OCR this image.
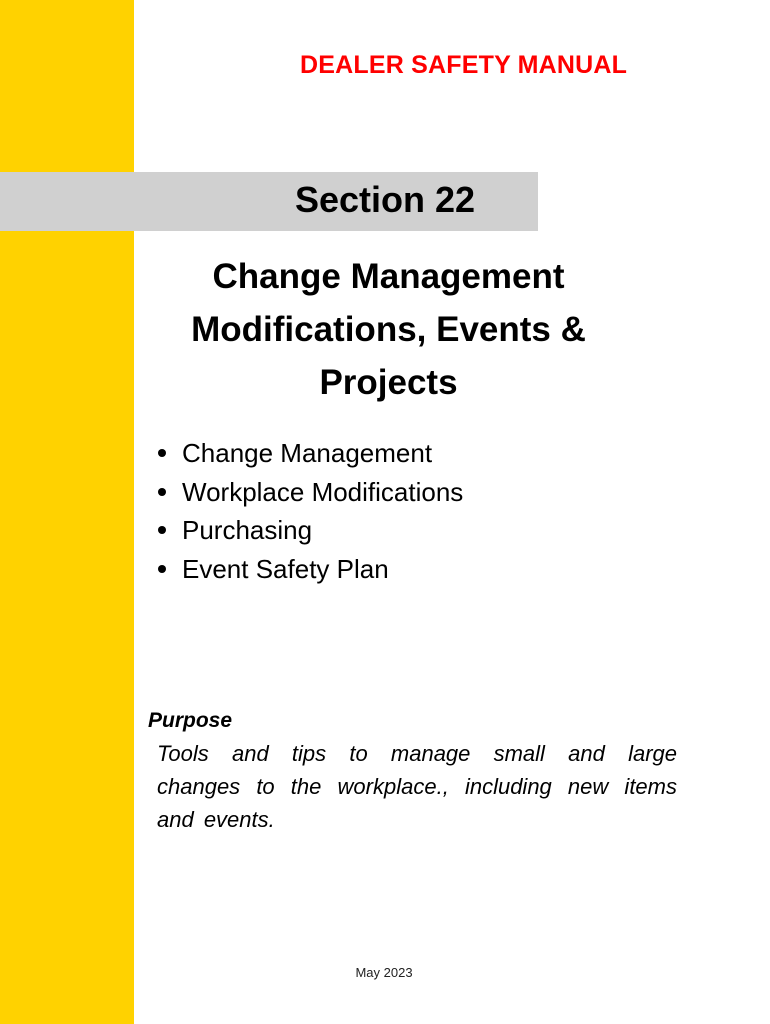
DEALER SAFETY MANUAL
Section 22
Change Management
Modifications, Events &
Projects
Change Management
Workplace Modifications
Purchasing
Event Safety Plan
Purpose
Tools and tips to manage small and large changes to the workplace., including new items and events.
May 2023
